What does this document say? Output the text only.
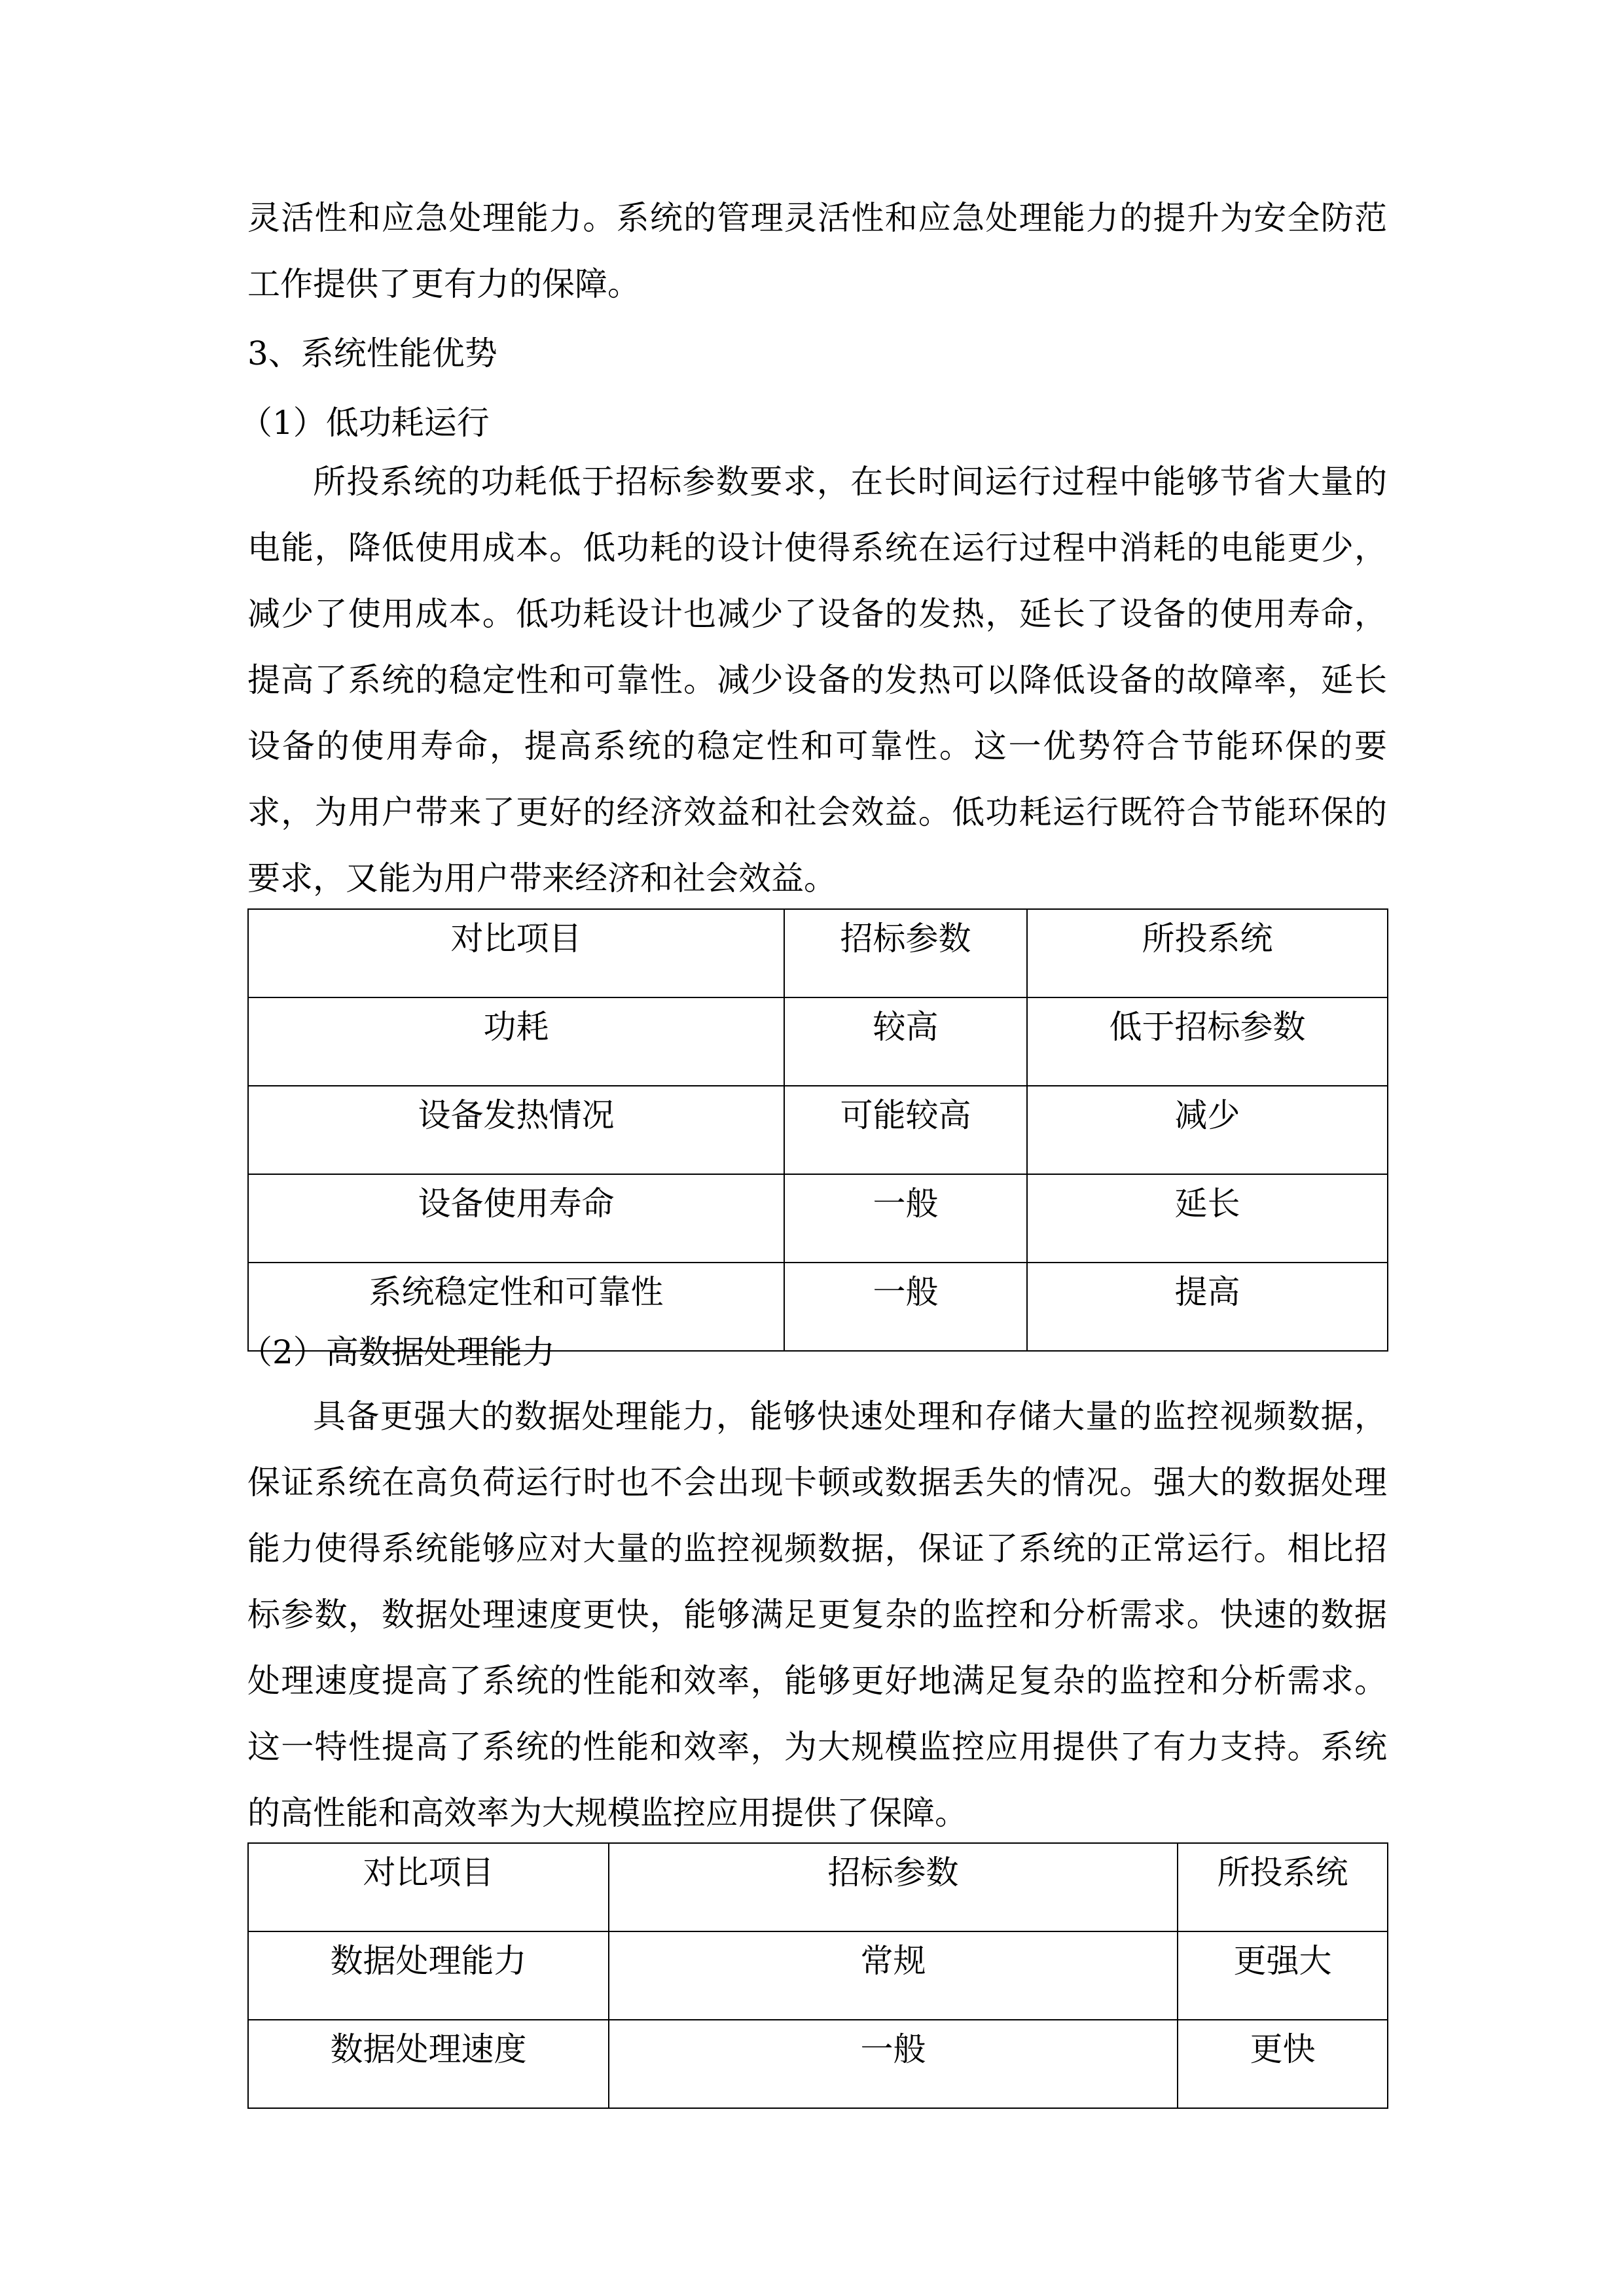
灵活性和应急处理能力。系统的管理灵活性和应急处理能力的提升为安全防范工作提供了更有力的保障。

3、系统性能优势

（1）低功耗运行

所投系统的功耗低于招标参数要求，在长时间运行过程中能够节省大量的电能，降低使用成本。低功耗的设计使得系统在运行过程中消耗的电能更少，减少了使用成本。低功耗设计也减少了设备的发热，延长了设备的使用寿命，提高了系统的稳定性和可靠性。减少设备的发热可以降低设备的故障率，延长设备的使用寿命，提高系统的稳定性和可靠性。这一优势符合节能环保的要求，为用户带来了更好的经济效益和社会效益。低功耗运行既符合节能环保的要求，又能为用户带来经济和社会效益。

对比项目	招标参数	所投系统
功耗	较高	低于招标参数
设备发热情况	可能较高	减少
设备使用寿命	一般	延长
系统稳定性和可靠性	一般	提高

（2）高数据处理能力

具备更强大的数据处理能力，能够快速处理和存储大量的监控视频数据，保证系统在高负荷运行时也不会出现卡顿或数据丢失的情况。强大的数据处理能力使得系统能够应对大量的监控视频数据，保证了系统的正常运行。相比招标参数，数据处理速度更快，能够满足更复杂的监控和分析需求。快速的数据处理速度提高了系统的性能和效率，能够更好地满足复杂的监控和分析需求。这一特性提高了系统的性能和效率，为大规模监控应用提供了有力支持。系统的高性能和高效率为大规模监控应用提供了保障。

对比项目	招标参数	所投系统
数据处理能力	常规	更强大
数据处理速度	一般	更快
